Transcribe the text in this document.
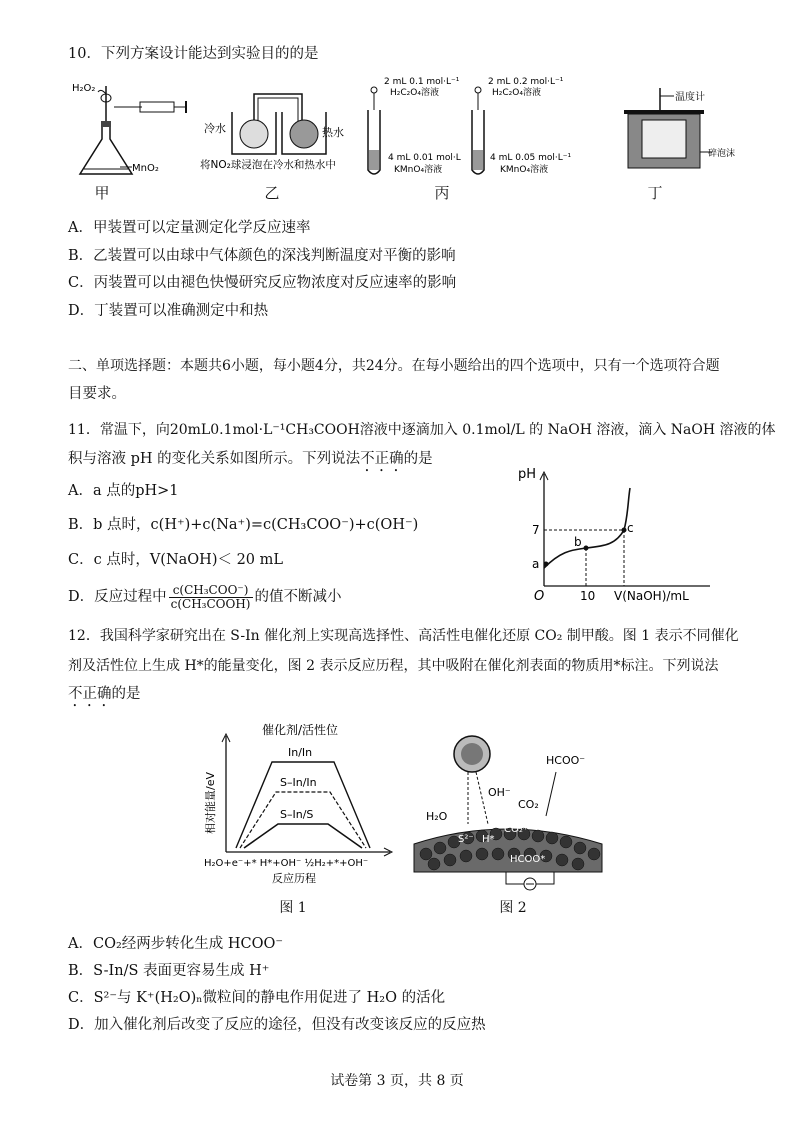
10．下列方案设计能达到实验目的的是
H₂O₂
MnO₂
甲
冷水	热水
将NO₂球浸泡在冷水和热水中
乙
2 mL 0.1 mol·L⁻¹
H₂C₂O₄溶液
2 mL 0.2 mol·L⁻¹
H₂C₂O₄溶液
4 mL 0.01 mol·L
KMnO₄溶液
4 mL 0.05 mol·L⁻¹
KMnO₄溶液
丙
温度计
碎泡沫
丁
A．甲装置可以定量测定化学反应速率
B．乙装置可以由球中气体颜色的深浅判断温度对平衡的影响
C．丙装置可以由褪色快慢研究反应物浓度对反应速率的影响
D．丁装置可以准确测定中和热
二、单项选择题：本题共6小题，每小题4分，共24分。在每小题给出的四个选项中，只有一个选项符合题
目要求。
11．常温下，向20mL0.1mol·L⁻¹CH₃COOH溶液中逐滴加入 0.1mol/L 的 NaOH 溶液，滴入 NaOH 溶液的体
积与溶液 pH 的变化关系如图所示。下列说法不正确的是
A．a 点的pH>1
B．b 点时，c(H⁺)+c(Na⁺)=c(CH₃COO⁻)+c(OH⁻)
C．c 点时，V(NaOH)＜ 20 mL
D．反应过程中 $\frac{\text{c(CH₃COO⁻)}}{\text{c(CH₃COOH)}}$ 的值不断减小
pH
7
a
b
c
O	10 V(NaOH)/mL
12．我国科学家研究出在 S-In 催化剂上实现高选择性、高活性电催化还原 CO₂ 制甲酸。图 1 表示不同催化
剂及活性位上生成 H*的能量变化，图 2 表示反应历程，其中吸附在催化剂表面的物质用*标注。下列说法
不正确的是
催化剂/活性位
相对能量/eV
In/In
S–In/In
S–In/S
H₂O+e⁻+* H*+OH⁻ ½H₂+*+OH⁻
反应历程
图 1
HCOO⁻
OH⁻
CO₂
H₂O
S²⁻ H*
CO₂*
HCOO*
图 2
A．CO₂经两步转化生成 HCOO⁻
B．S-In/S 表面更容易生成 H⁺
C．S²⁻与 K⁺(H₂O)ₙ微粒间的静电作用促进了 H₂O 的活化
D．加入催化剂后改变了反应的途径，但没有改变该反应的反应热
试卷第 3 页，共 8 页
